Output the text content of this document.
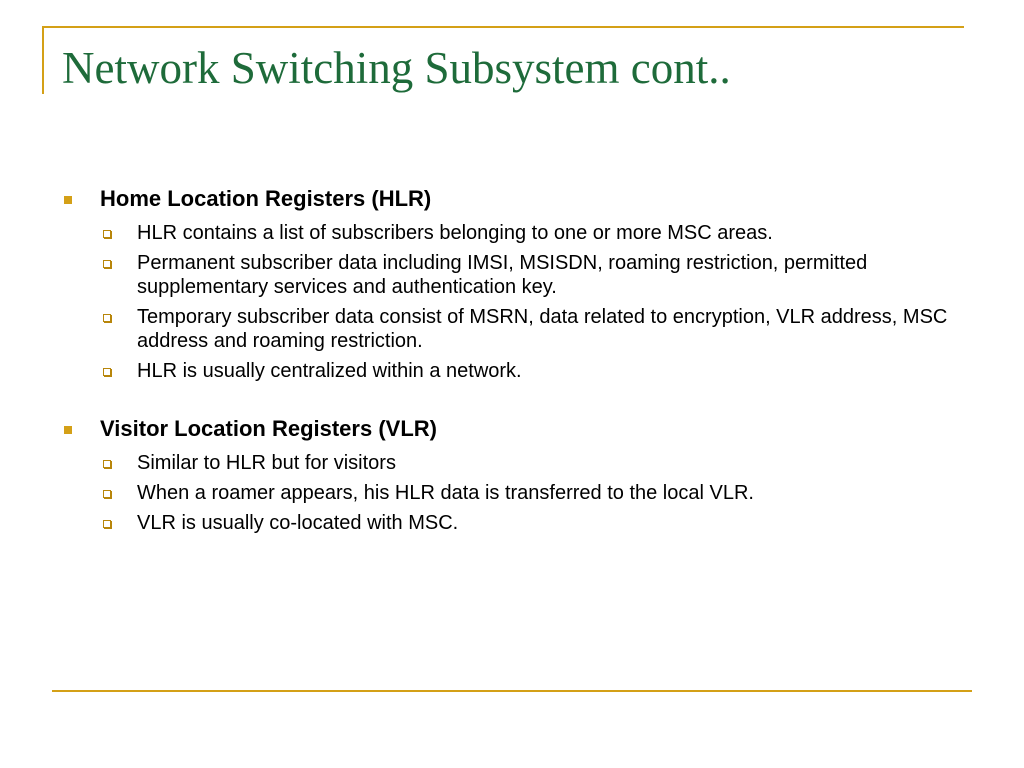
Network Switching Subsystem cont..
Home Location Registers (HLR)
HLR contains a list of subscribers belonging to one or more MSC areas.
Permanent subscriber data including IMSI, MSISDN, roaming restriction, permitted supplementary services and authentication key.
Temporary subscriber data consist of MSRN, data related to encryption, VLR address, MSC address and roaming restriction.
HLR is usually centralized within a network.
Visitor Location Registers (VLR)
Similar to HLR but for visitors
When a roamer appears, his HLR data is transferred to the local VLR.
VLR is usually co-located with MSC.
